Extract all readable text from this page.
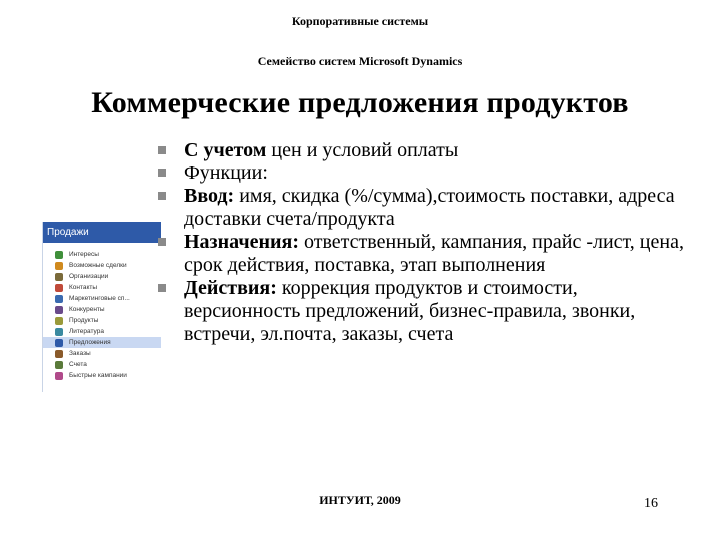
Корпоративные системы
Семейство систем Microsoft Dynamics
Коммерческие предложения продуктов
Продажи
Интересы
Возможные сделки
Организации
Контакты
Маркетинговые сп...
Конкуренты
Продукты
Литература
Предложения
Заказы
Счета
Быстрые кампании
С учетом цен и условий оплаты
Функции:
Ввод: имя, скидка (%/сумма),стоимость поставки, адреса доставки счета/продукта
Назначения: ответственный, кампания, прайс -лист, цена, срок действия, поставка, этап выполнения
Действия: коррекция продуктов и стоимости, версионность предложений, бизнес-правила, звонки, встречи, эл.почта, заказы, счета
ИНТУИТ, 2009	16
